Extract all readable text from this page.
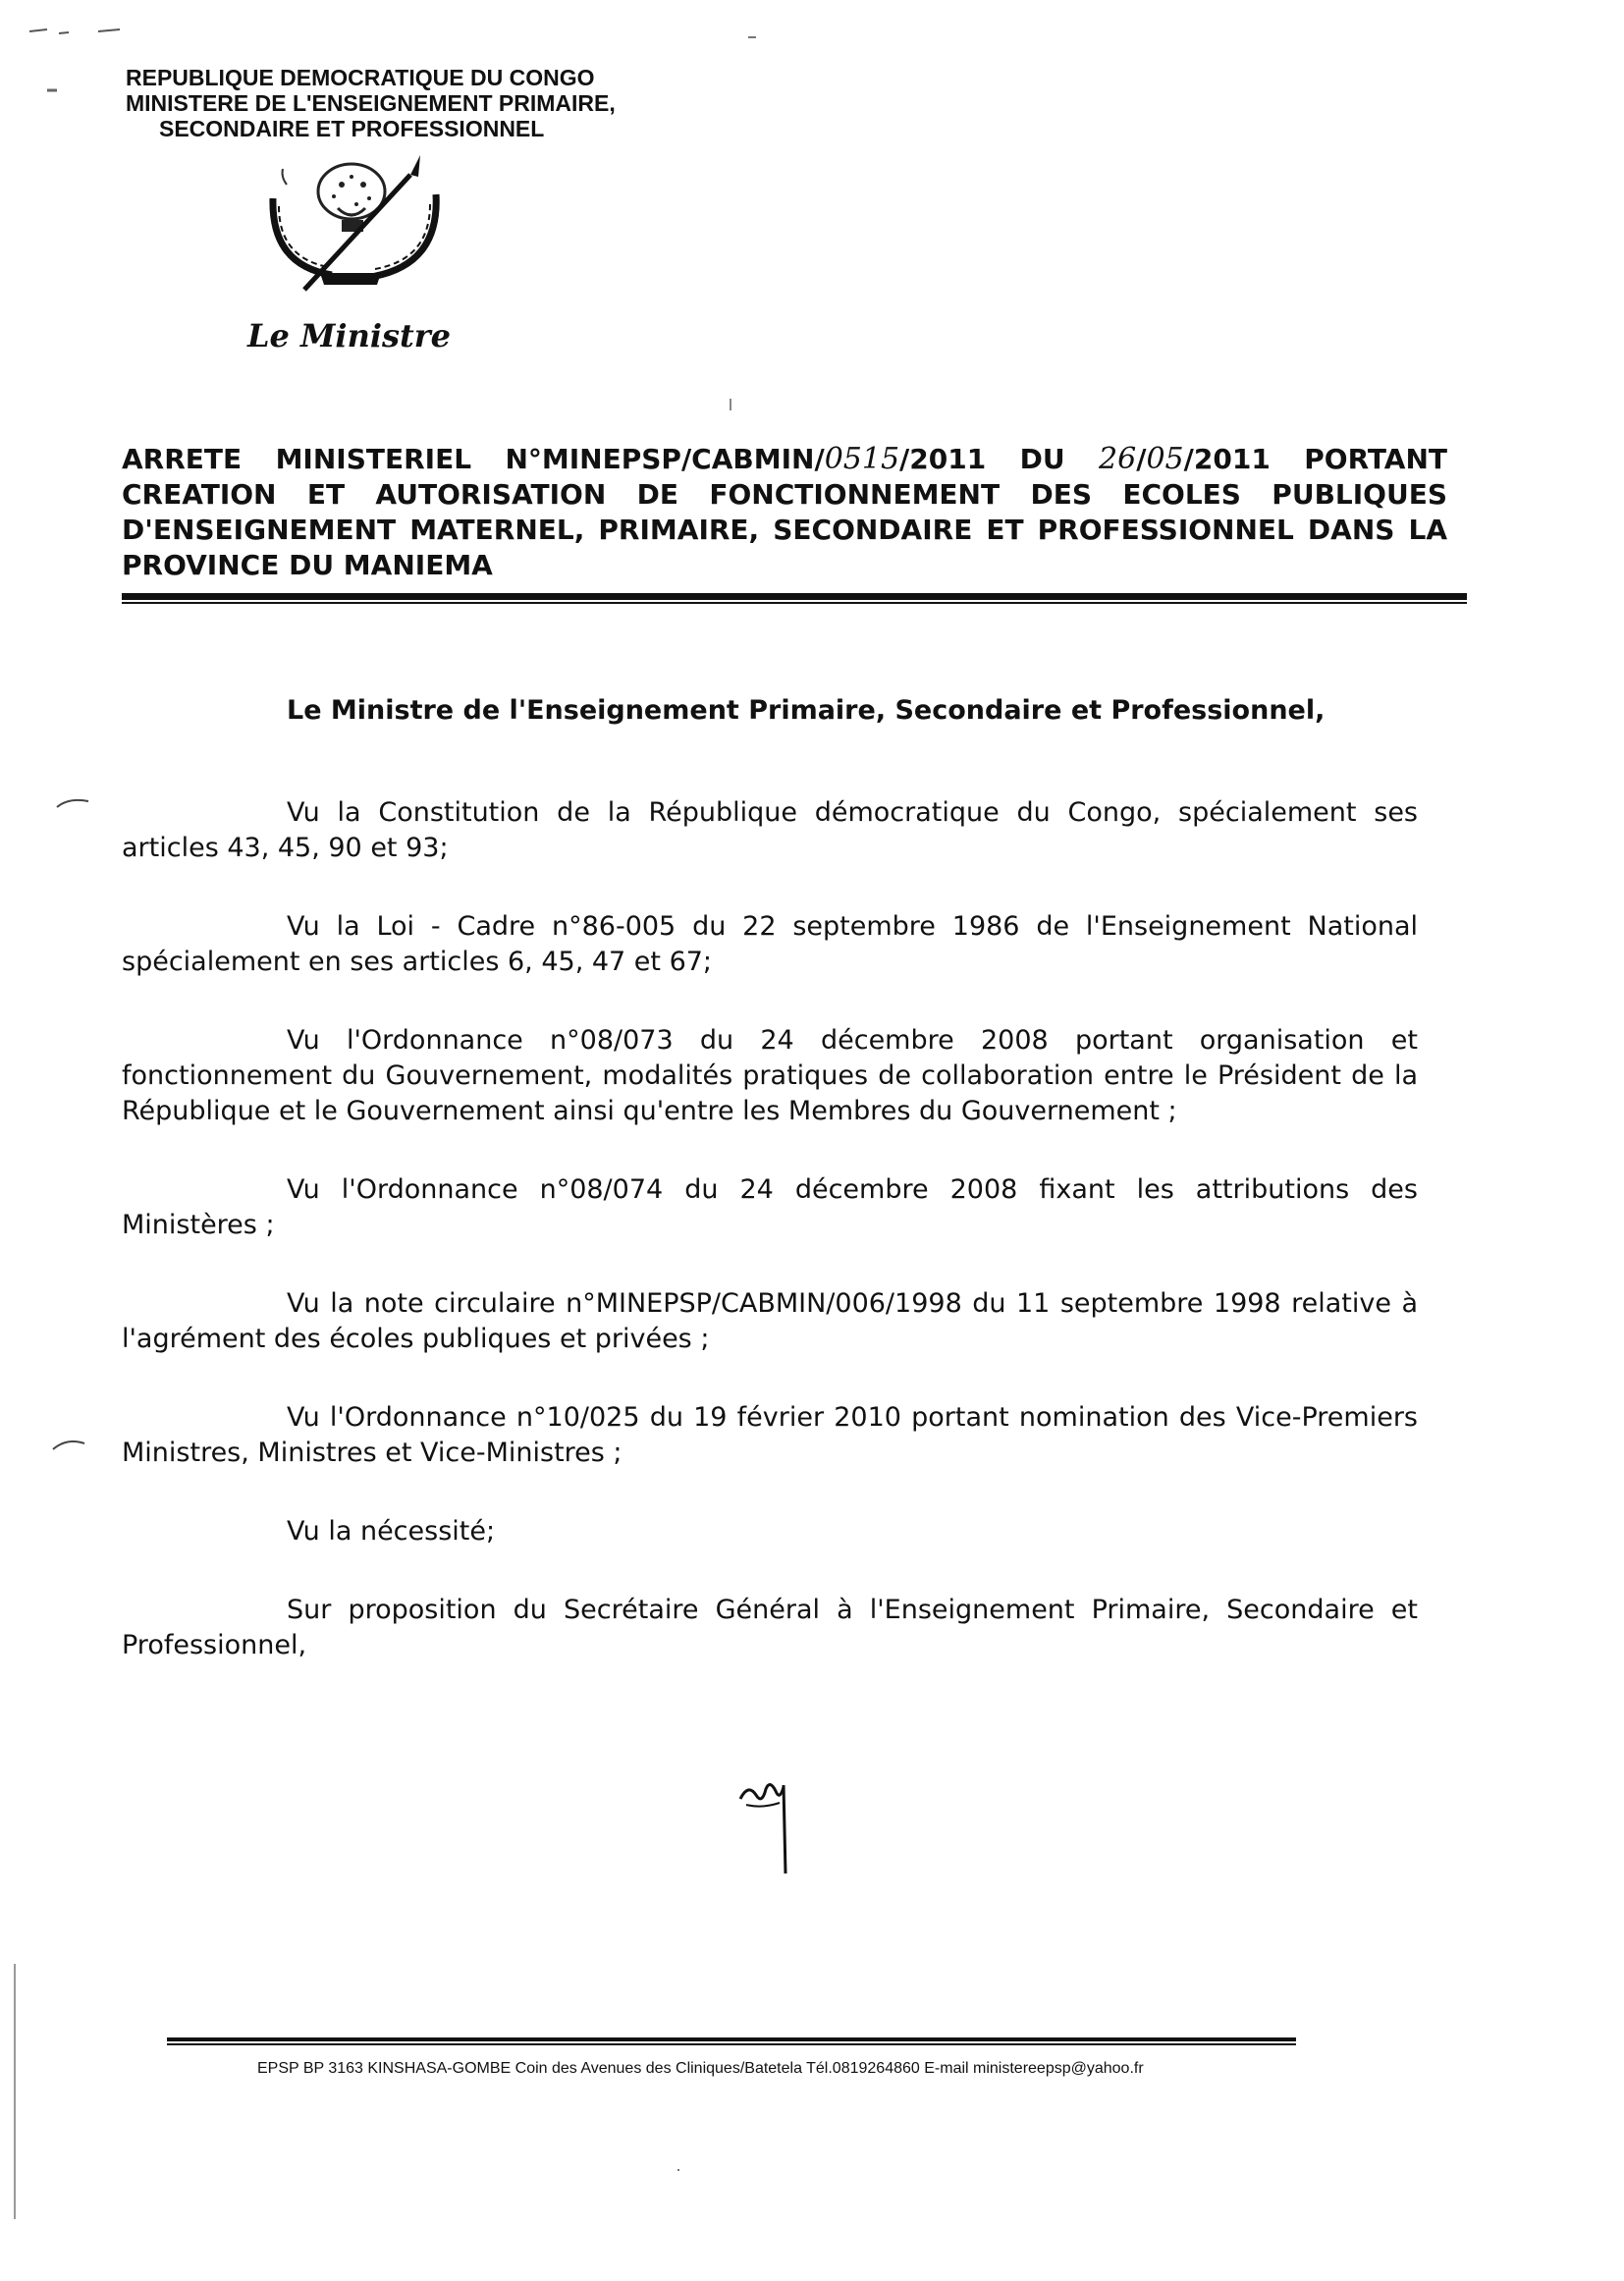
REPUBLIQUE DEMOCRATIQUE DU CONGO
MINISTERE DE L'ENSEIGNEMENT PRIMAIRE,
SECONDAIRE ET PROFESSIONNEL
Le Ministre
ARRETE MINISTERIEL N°MINEPSP/CABMIN/0515/2011 DU 26/05/2011 PORTANT CREATION ET AUTORISATION DE FONCTIONNEMENT DES ECOLES PUBLIQUES D'ENSEIGNEMENT MATERNEL, PRIMAIRE, SECONDAIRE ET PROFESSIONNEL DANS LA PROVINCE DU MANIEMA
Le Ministre de l'Enseignement Primaire, Secondaire et Professionnel,

Vu la Constitution de la République démocratique du Congo, spécialement ses articles 43, 45, 90 et 93;

Vu la Loi - Cadre n°86-005 du 22 septembre 1986 de l'Enseignement National spécialement en ses articles 6, 45, 47 et 67;

Vu l'Ordonnance n°08/073 du 24 décembre 2008 portant organisation et fonctionnement du Gouvernement, modalités pratiques de collaboration entre le Président de la République et le Gouvernement ainsi qu'entre les Membres du Gouvernement ;

Vu l'Ordonnance n°08/074 du 24 décembre 2008 fixant les attributions des Ministères ;

Vu la note circulaire n°MINEPSP/CABMIN/006/1998 du 11 septembre 1998 relative à l'agrément des écoles publiques et privées ;

Vu l'Ordonnance n°10/025 du 19 février 2010 portant nomination des Vice-Premiers Ministres, Ministres et Vice-Ministres ;

Vu la nécessité;

Sur proposition du Secrétaire Général à l'Enseignement Primaire, Secondaire et Professionnel,

EPSP BP 3163 KINSHASA-GOMBE Coin des Avenues des Cliniques/Batetela Tél.0819264860 E-mail ministereepsp@yahoo.fr
